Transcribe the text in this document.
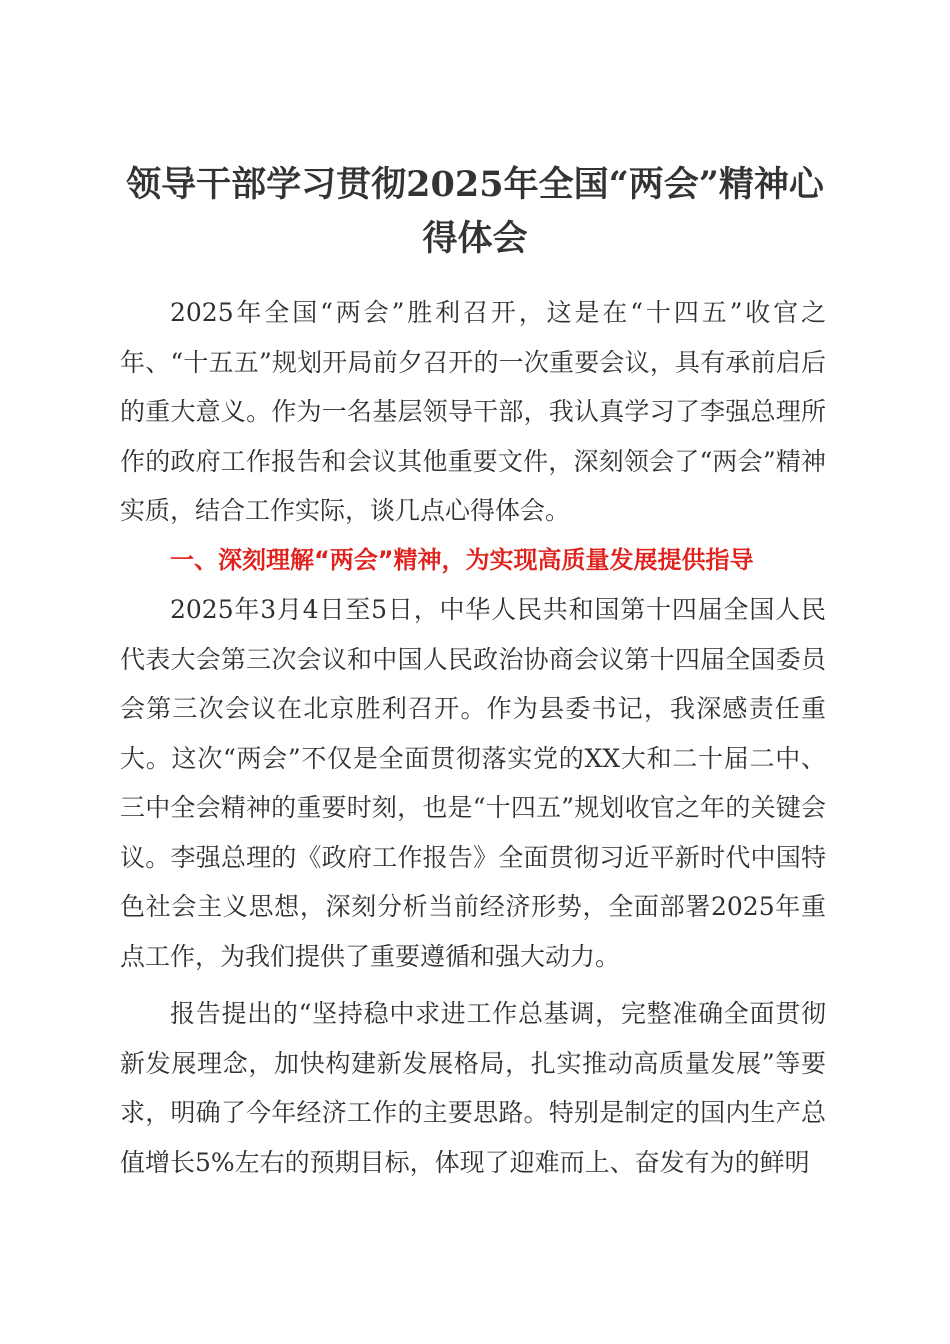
领导干部学习贯彻2025年全国“两会”精神心得体会

2025年全国“两会”胜利召开，这是在“十四五”收官之年、“十五五”规划开局前夕召开的一次重要会议，具有承前启后的重大意义。作为一名基层领导干部，我认真学习了李强总理所作的政府工作报告和会议其他重要文件，深刻领会了“两会”精神实质，结合工作实际，谈几点心得体会。

一、深刻理解“两会”精神，为实现高质量发展提供指导

2025年3月4日至5日，中华人民共和国第十四届全国人民代表大会第三次会议和中国人民政治协商会议第十四届全国委员会第三次会议在北京胜利召开。作为县委书记，我深感责任重大。这次“两会”不仅是全面贯彻落实党的XX大和二十届二中、三中全会精神的重要时刻，也是“十四五”规划收官之年的关键会议。李强总理的《政府工作报告》全面贯彻习近平新时代中国特色社会主义思想，深刻分析当前经济形势，全面部署2025年重点工作，为我们提供了重要遵循和强大动力。

报告提出的“坚持稳中求进工作总基调，完整准确全面贯彻新发展理念，加快构建新发展格局，扎实推动高质量发展”等要求，明确了今年经济工作的主要思路。特别是制定的国内生产总值增长5%左右的预期目标，体现了迎难而上、奋发有为的鲜明
